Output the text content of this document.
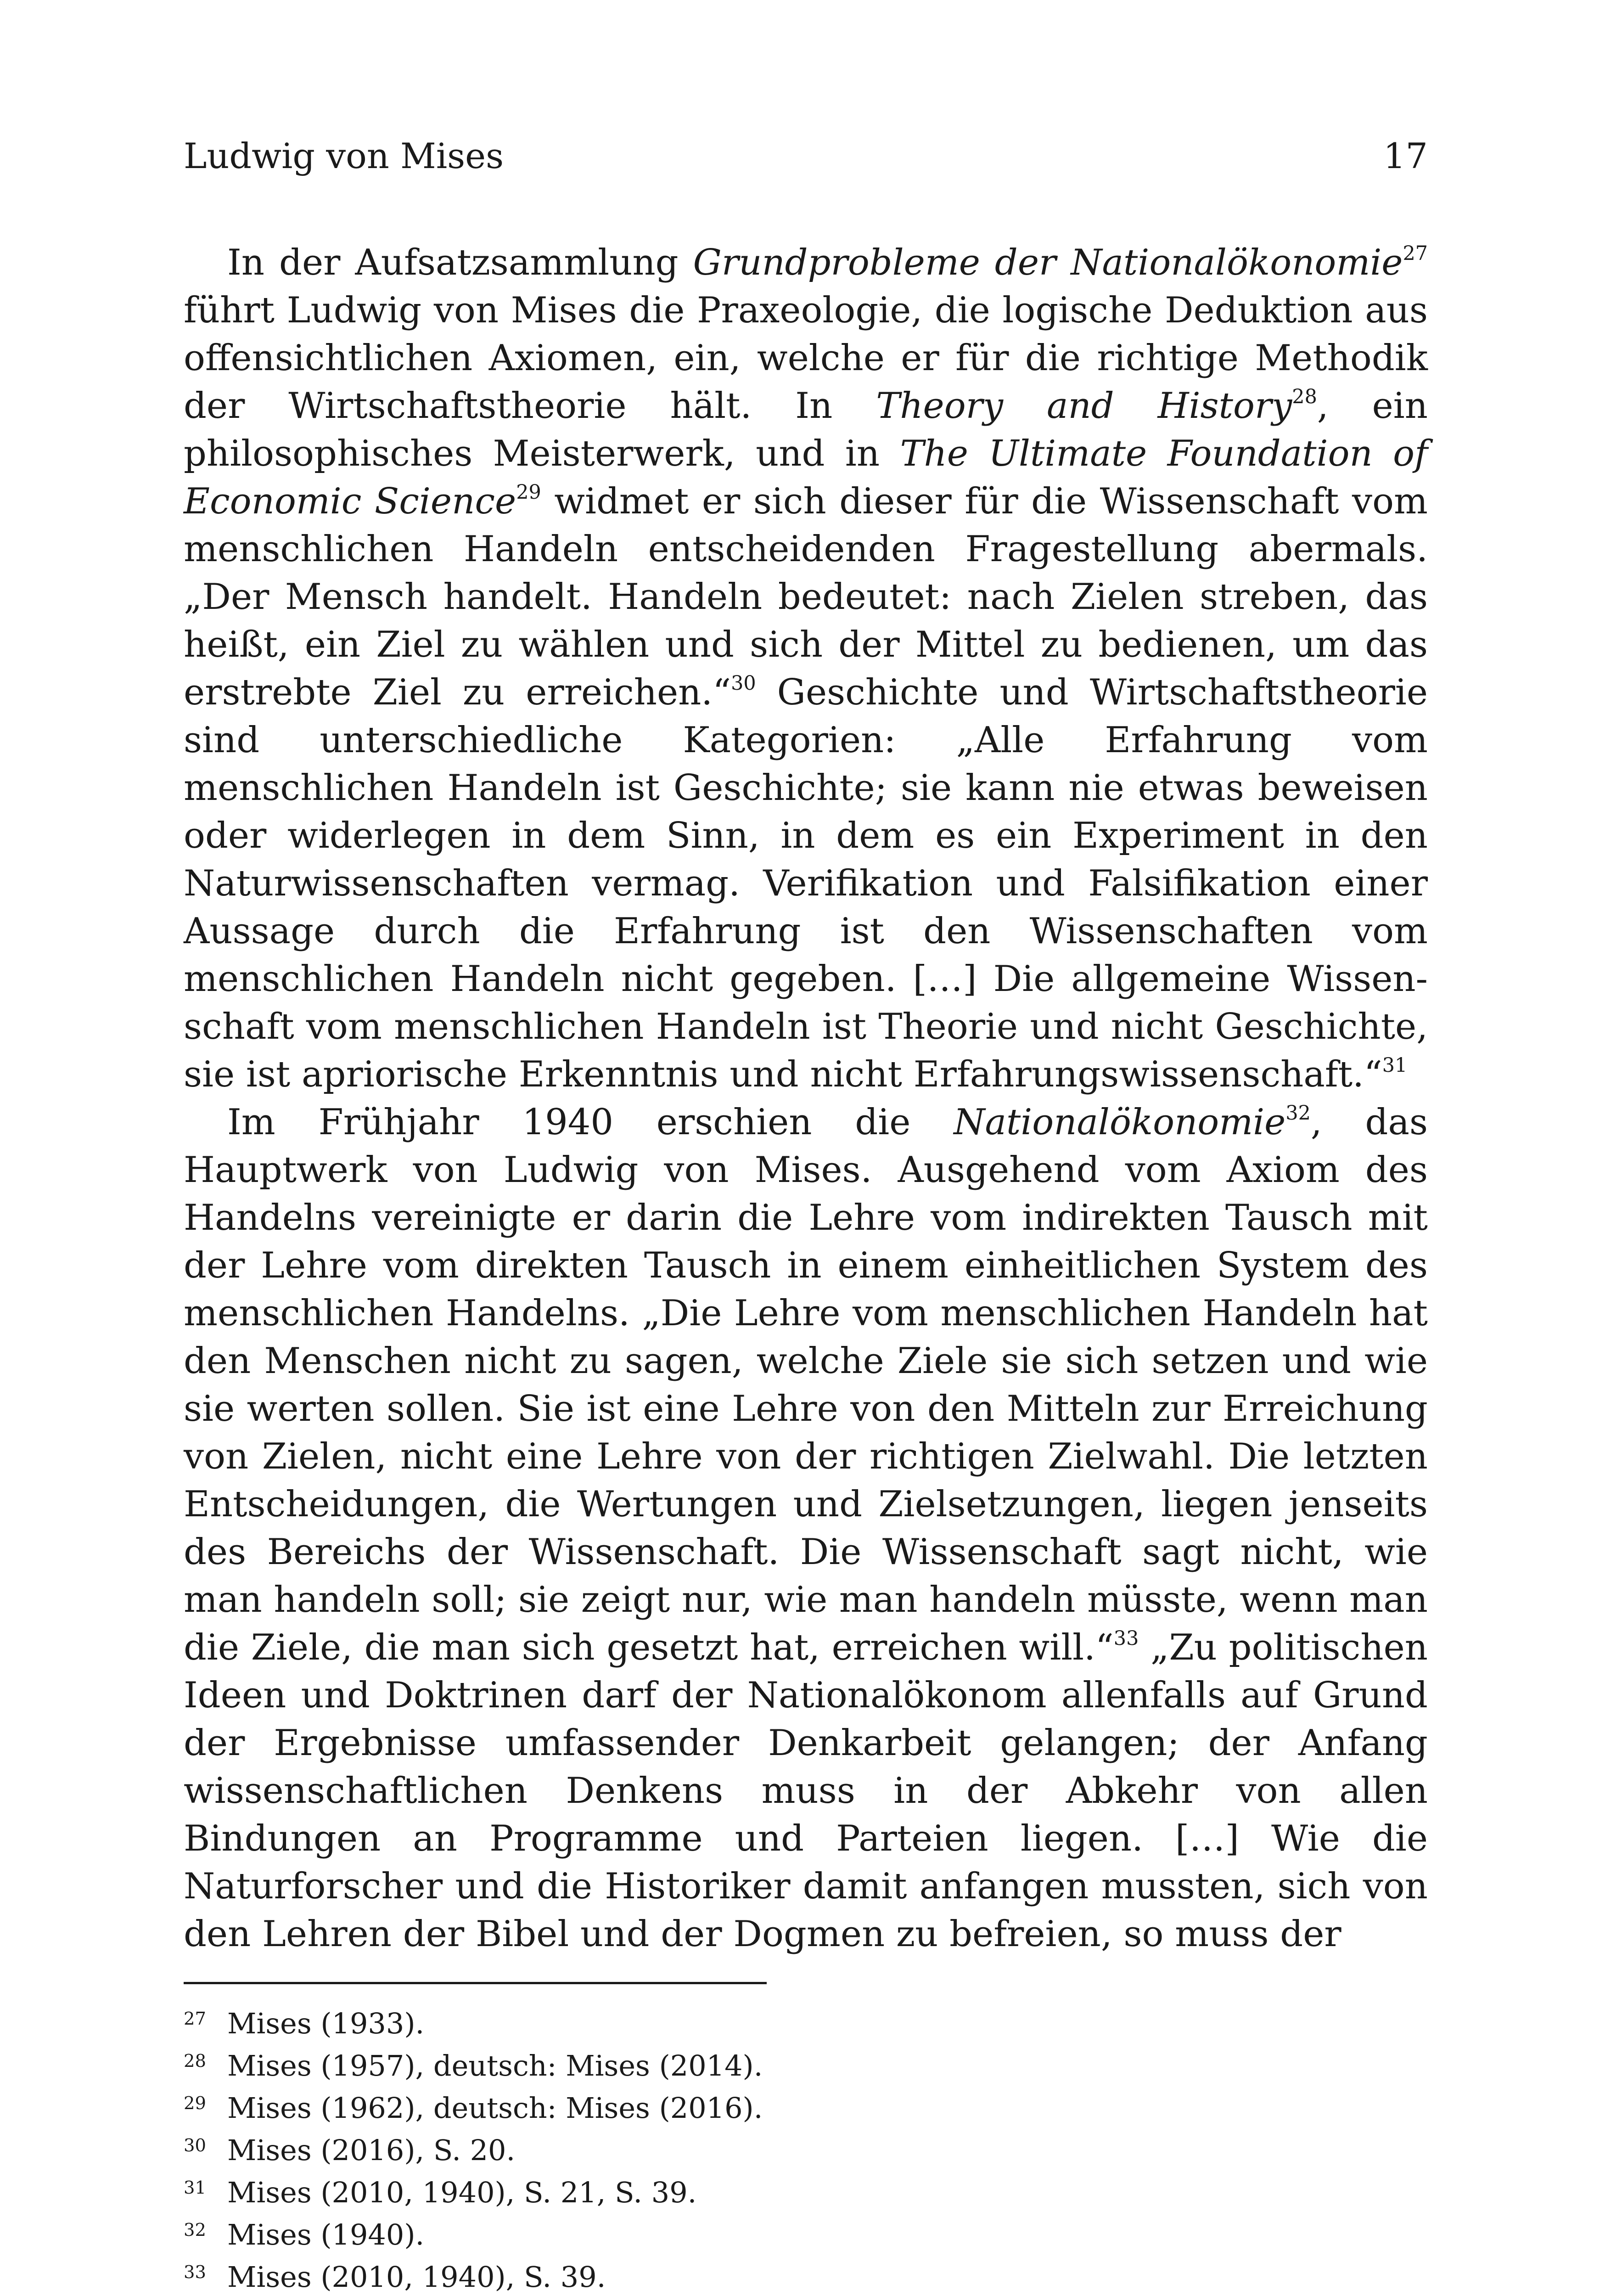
Ludwig von Mises	17

In der Aufsatzsammlung Grundprobleme der Nationalökonomie$^{27}$ führt Ludwig von Mises die Praxeologie, die logische Deduktion aus offensichtlichen Axiomen, ein, welche er für die richtige Methodik der Wirtschaftstheorie hält. In Theory and History$^{28}$, ein philosophisches Meisterwerk, und in The Ultimate Foundation of Economic Science$^{29}$ widmet er sich dieser für die Wissenschaft vom menschlichen Handeln entscheidenden Fragestellung abermals. „Der Mensch handelt. Handeln bedeutet: nach Zielen streben, das heißt, ein Ziel zu wählen und sich der Mittel zu bedienen, um das erstrebte Ziel zu erreichen.“$^{30}$ Geschichte und Wirtschaftstheorie sind unterschiedliche Kategorien: „Alle Erfahrung vom menschlichen Handeln ist Geschichte; sie kann nie etwas beweisen oder widerlegen in dem Sinn, in dem es ein Experiment in den Naturwissenschaften vermag. Verifikation und Falsifikation einer Aussage durch die Erfahrung ist den Wissenschaften vom menschlichen Handeln nicht gegeben. […] Die allgemeine Wissenschaft vom menschlichen Handeln ist Theorie und nicht Geschichte, sie ist apriorische Erkenntnis und nicht Erfahrungswissenschaft.“$^{31}$

Im Frühjahr 1940 erschien die Nationalökonomie$^{32}$, das Hauptwerk von Ludwig von Mises. Ausgehend vom Axiom des Handelns vereinigte er darin die Lehre vom indirekten Tausch mit der Lehre vom direkten Tausch in einem einheitlichen System des menschlichen Handelns. „Die Lehre vom menschlichen Handeln hat den Menschen nicht zu sagen, welche Ziele sie sich setzen und wie sie werten sollen. Sie ist eine Lehre von den Mitteln zur Erreichung von Zielen, nicht eine Lehre von der richtigen Zielwahl. Die letzten Entscheidungen, die Wertungen und Zielsetzungen, liegen jenseits des Bereichs der Wissenschaft. Die Wissenschaft sagt nicht, wie man handeln soll; sie zeigt nur, wie man handeln müsste, wenn man die Ziele, die man sich gesetzt hat, erreichen will.“$^{33}$ „Zu politischen Ideen und Doktrinen darf der Nationalökonom allenfalls auf Grund der Ergebnisse umfassender Denkarbeit gelangen; der Anfang wissenschaftlichen Denkens muss in der Abkehr von allen Bindungen an Programme und Parteien liegen. […] Wie die Naturforscher und die Historiker damit anfangen mussten, sich von den Lehren der Bibel und der Dogmen zu befreien, so muss der

27 Mises (1933).
28 Mises (1957), deutsch: Mises (2014).
29 Mises (1962), deutsch: Mises (2016).
30 Mises (2016), S. 20.
31 Mises (2010, 1940), S. 21, S. 39.
32 Mises (1940).
33 Mises (2010, 1940), S. 39.
